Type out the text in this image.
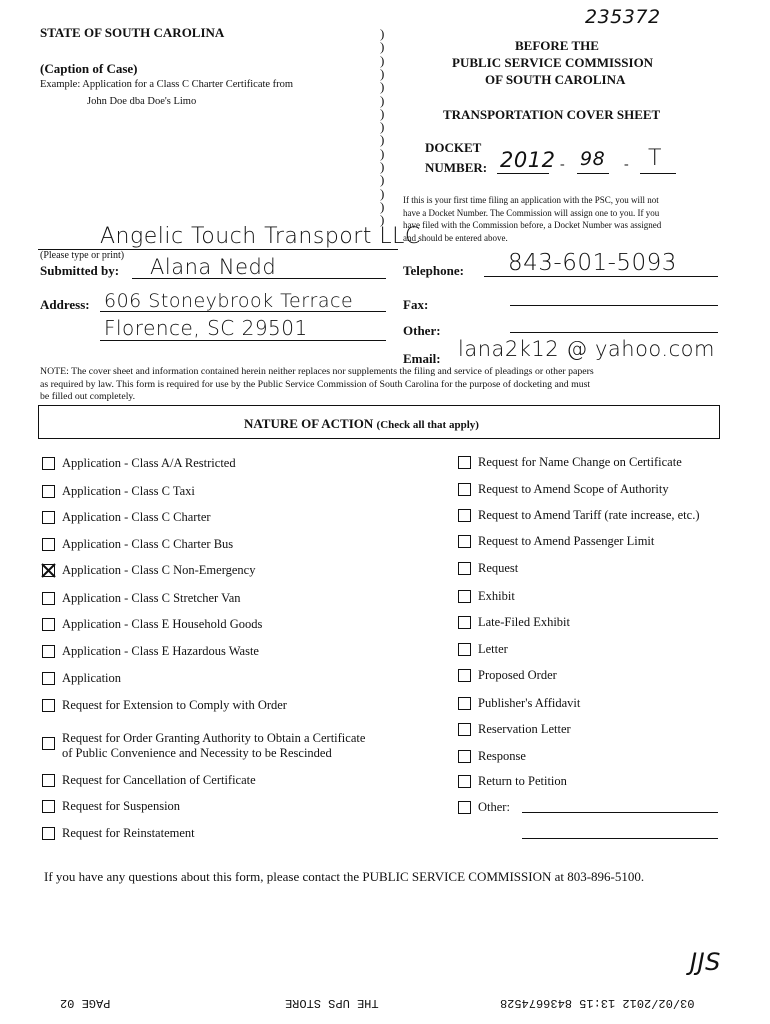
235372
STATE OF SOUTH CAROLINA
(Caption of Case)
Example: Application for a Class C Charter Certificate from
John Doe dba Doe's Limo
)
)
)
)
)
)
)
)
)
)
)
)
)
)
)
BEFORE THE
PUBLIC SERVICE COMMISSION
OF SOUTH CAROLINA
TRANSPORTATION COVER SHEET
DOCKET
NUMBER: 2012 - 98 - T
If this is your first time filing an application with the PSC, you will not
have a Docket Number. The Commission will assign one to you. If you
have filed with the Commission before, a Docket Number was assigned
and should be entered above.
Angelic Touch Transport LLC
(Please type or print)
Submitted by: Alana Nedd
Address: 606 Stoneybrook Terrace
Florence, SC 29501
Telephone: 843-601-5093
Fax:
Other:
Email: lana2k12 @ yahoo.com
NOTE: The cover sheet and information contained herein neither replaces nor supplements the filing and service of pleadings or other papers
as required by law. This form is required for use by the Public Service Commission of South Carolina for the purpose of docketing and must
be filled out completely.
NATURE OF ACTION (Check all that apply)
Application - Class A/A Restricted
Application - Class C Taxi
Application - Class C Charter
Application - Class C Charter Bus
Application - Class C Non-Emergency
Application - Class C Stretcher Van
Application - Class E Household Goods
Application - Class E Hazardous Waste
Application
Request for Extension to Comply with Order
Request for Order Granting Authority to Obtain a Certificate
of Public Convenience and Necessity to be Rescinded
Request for Cancellation of Certificate
Request for Suspension
Request for Reinstatement
Request for Name Change on Certificate
Request to Amend Scope of Authority
Request to Amend Tariff (rate increase, etc.)
Request to Amend Passenger Limit
Request
Exhibit
Late-Filed Exhibit
Letter
Proposed Order
Publisher's Affidavit
Reservation Letter
Response
Return to Petition
Other:
If you have any questions about this form, please contact the PUBLIC SERVICE COMMISSION at 803-896-5100.
JJS
PAGE 02	THE UPS STORE	03/02/2012 13:15 8436674528
